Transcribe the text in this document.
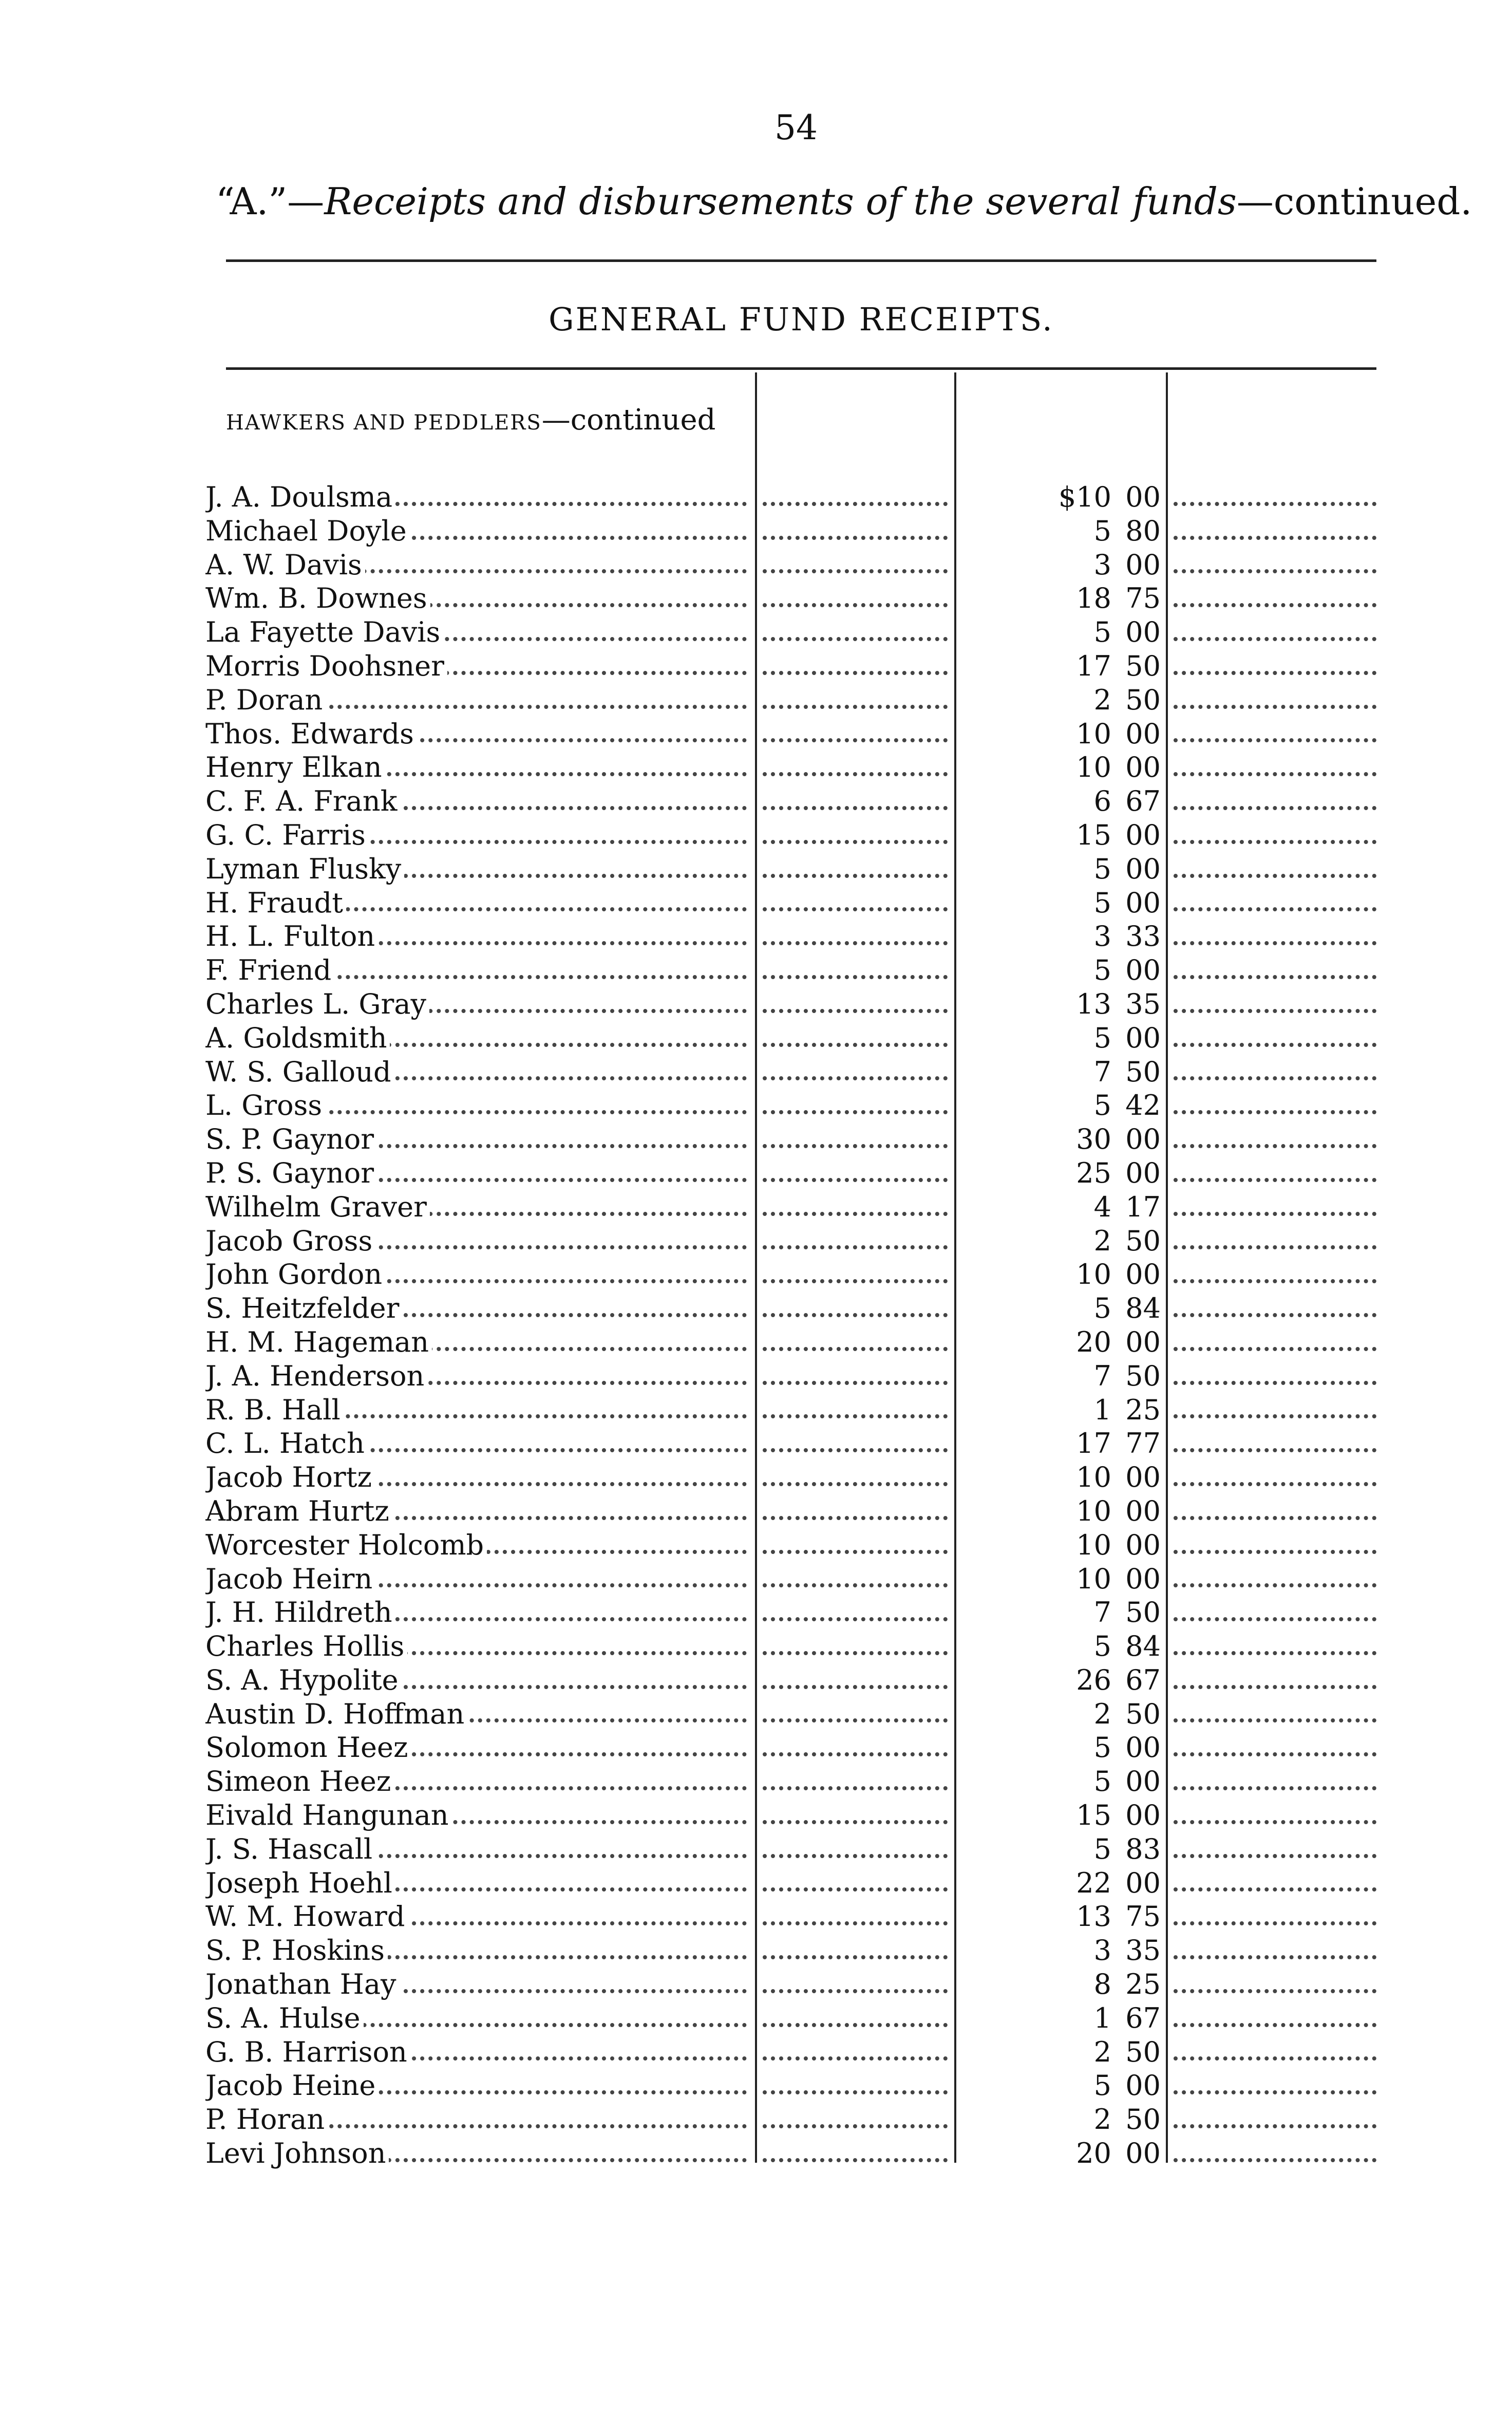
54
“A.”—Receipts and disbursements of the several funds—continued.
GENERAL FUND RECEIPTS.
HAWKERS AND PEDDLERS—continued
J. A. Doulsma	$10 00
Michael Doyle	5 80
A. W. Davis	3 00
Wm. B. Downes	18 75
La Fayette Davis	5 00
Morris Doohsner	17 50
P. Doran	2 50
Thos. Edwards	10 00
Henry Elkan	10 00
C. F. A. Frank	6 67
G. C. Farris	15 00
Lyman Flusky	5 00
H. Fraudt	5 00
H. L. Fulton	3 33
F. Friend	5 00
Charles L. Gray	13 35
A. Goldsmith	5 00
W. S. Galloud	7 50
L. Gross	5 42
S. P. Gaynor	30 00
P. S. Gaynor	25 00
Wilhelm Graver	4 17
Jacob Gross	2 50
John Gordon	10 00
S. Heitzfelder	5 84
H. M. Hageman	20 00
J. A. Henderson	7 50
R. B. Hall	1 25
C. L. Hatch	17 77
Jacob Hortz	10 00
Abram Hurtz	10 00
Worcester Holcomb	10 00
Jacob Heirn	10 00
J. H. Hildreth	7 50
Charles Hollis	5 84
S. A. Hypolite	26 67
Austin D. Hoffman	2 50
Solomon Heez	5 00
Simeon Heez	5 00
Eivald Hangunan	15 00
J. S. Hascall	5 83
Joseph Hoehl	22 00
W. M. Howard	13 75
S. P. Hoskins	3 35
Jonathan Hay	8 25
S. A. Hulse	1 67
G. B. Harrison	2 50
Jacob Heine	5 00
P. Horan	2 50
Levi Johnson	20 00
